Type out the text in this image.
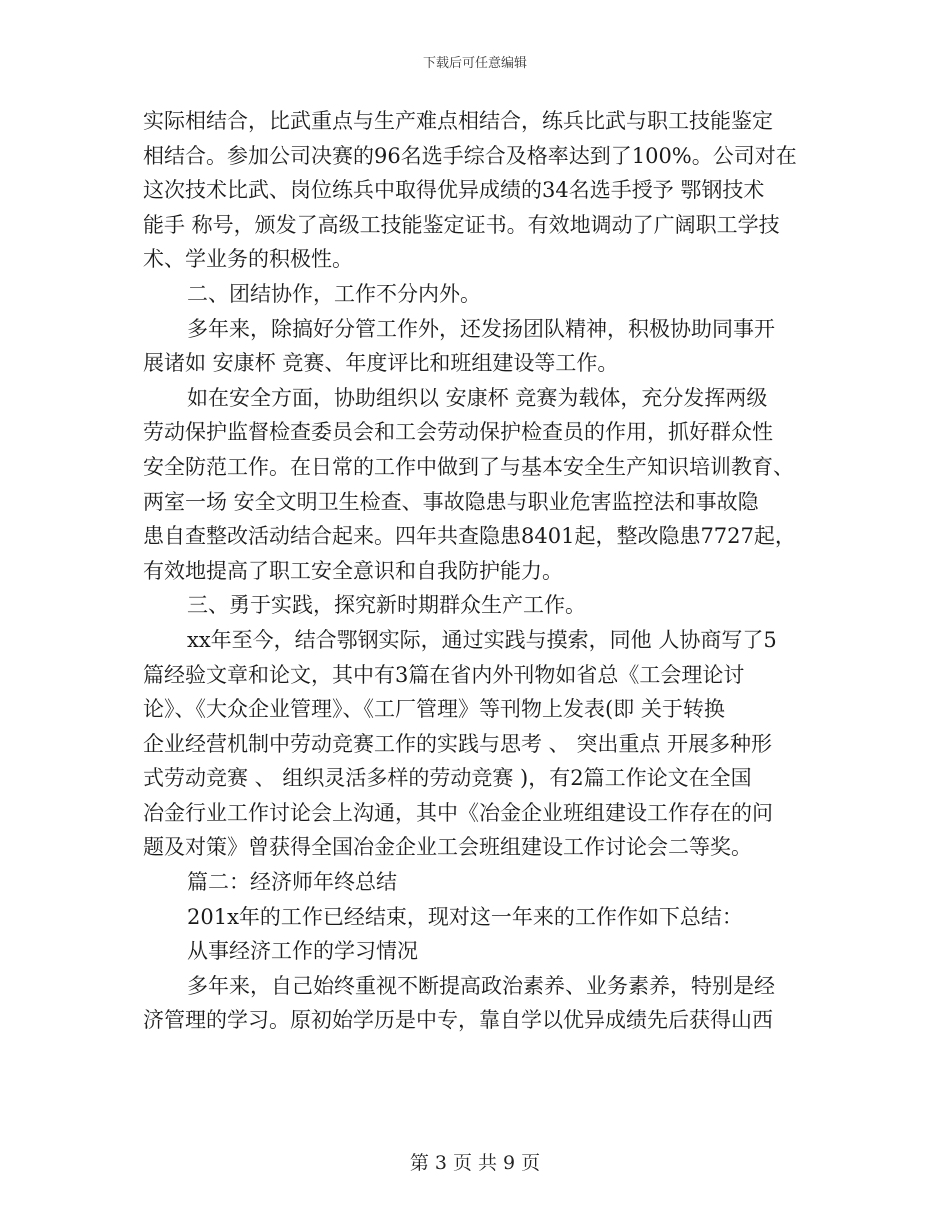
下载后可任意编辑
实际相结合，比武重点与生产难点相结合，练兵比武与职工技能鉴定
相结合。参加公司决赛的96名选手综合及格率达到了100%。公司对在
这次技术比武、岗位练兵中取得优异成绩的34名选手授予 鄂钢技术
能手 称号，颁发了高级工技能鉴定证书。有效地调动了广阔职工学技
术、学业务的积极性。
二、团结协作，工作不分内外。
多年来，除搞好分管工作外，还发扬团队精神，积极协助同事开
展诸如 安康杯 竞赛、年度评比和班组建设等工作。
如在安全方面，协助组织以 安康杯 竞赛为载体，充分发挥两级
劳动保护监督检查委员会和工会劳动保护检查员的作用，抓好群众性
安全防范工作。在日常的工作中做到了与基本安全生产知识培训教育、
两室一场 安全文明卫生检查、事故隐患与职业危害监控法和事故隐
患自查整改活动结合起来。四年共查隐患8401起，整改隐患7727起，
有效地提高了职工安全意识和自我防护能力。
三、勇于实践，探究新时期群众生产工作。
xx年至今，结合鄂钢实际，通过实践与摸索，同他 人协商写了5
篇经验文章和论文，其中有3篇在省内外刊物如省总《工会理论讨
论》、《大众企业管理》、《工厂管理》等刊物上发表(即 关于转换
企业经营机制中劳动竞赛工作的实践与思考 、 突出重点 开展多种形
式劳动竞赛 、 组织灵活多样的劳动竞赛 )，有2篇工作论文在全国
冶金行业工作讨论会上沟通，其中《冶金企业班组建设工作存在的问
题及对策》曾获得全国冶金企业工会班组建设工作讨论会二等奖。
篇二：经济师年终总结
201x年的工作已经结束，现对这一年来的工作作如下总结：
从事经济工作的学习情况
多年来，自己始终重视不断提高政治素养、业务素养，特别是经
济管理的学习。原初始学历是中专，靠自学以优异成绩先后获得山西
第 3 页 共 9 页
